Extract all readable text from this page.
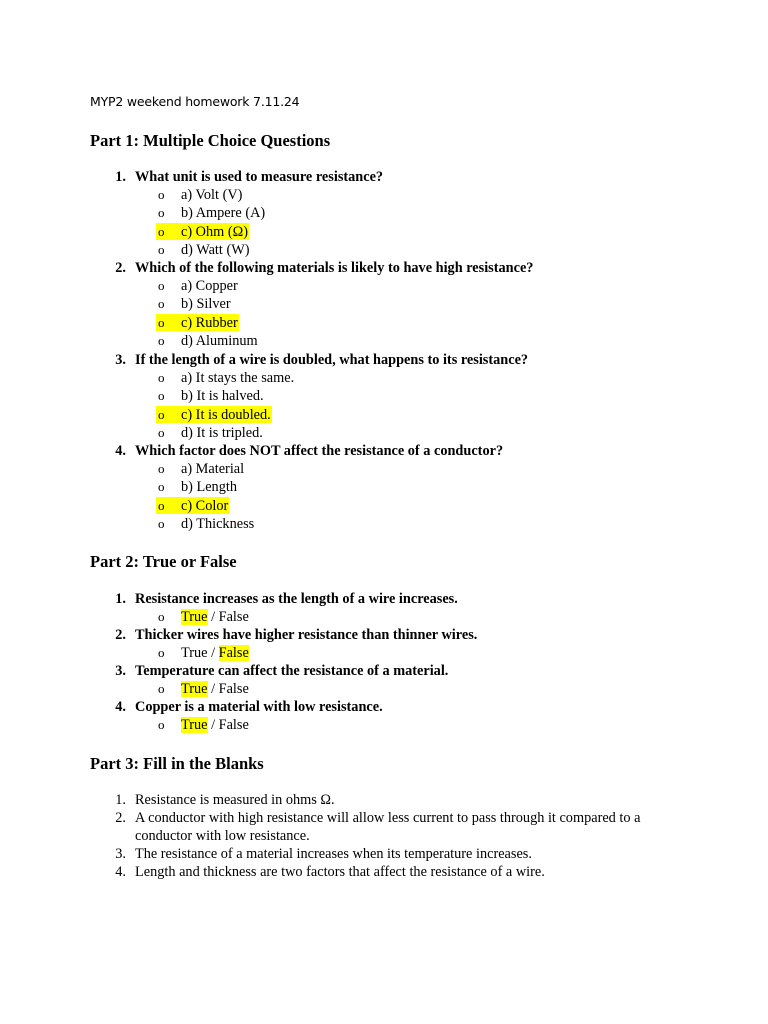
MYP2 weekend homework 7.11.24
Part 1: Multiple Choice Questions
1. What unit is used to measure resistance?
o a) Volt (V)
o b) Ampere (A)
o c) Ohm (Ω)
o d) Watt (W)
2. Which of the following materials is likely to have high resistance?
o a) Copper
o b) Silver
o c) Rubber
o d) Aluminum
3. If the length of a wire is doubled, what happens to its resistance?
o a) It stays the same.
o b) It is halved.
o c) It is doubled.
o d) It is tripled.
4. Which factor does NOT affect the resistance of a conductor?
o a) Material
o b) Length
o c) Color
o d) Thickness
Part 2: True or False
1. Resistance increases as the length of a wire increases.
o True / False
2. Thicker wires have higher resistance than thinner wires.
o True / False
3. Temperature can affect the resistance of a material.
o True / False
4. Copper is a material with low resistance.
o True / False
Part 3: Fill in the Blanks
1. Resistance is measured in ohms Ω.
2. A conductor with high resistance will allow less current to pass through it compared to a
conductor with low resistance.
3. The resistance of a material increases when its temperature increases.
4. Length and thickness are two factors that affect the resistance of a wire.
